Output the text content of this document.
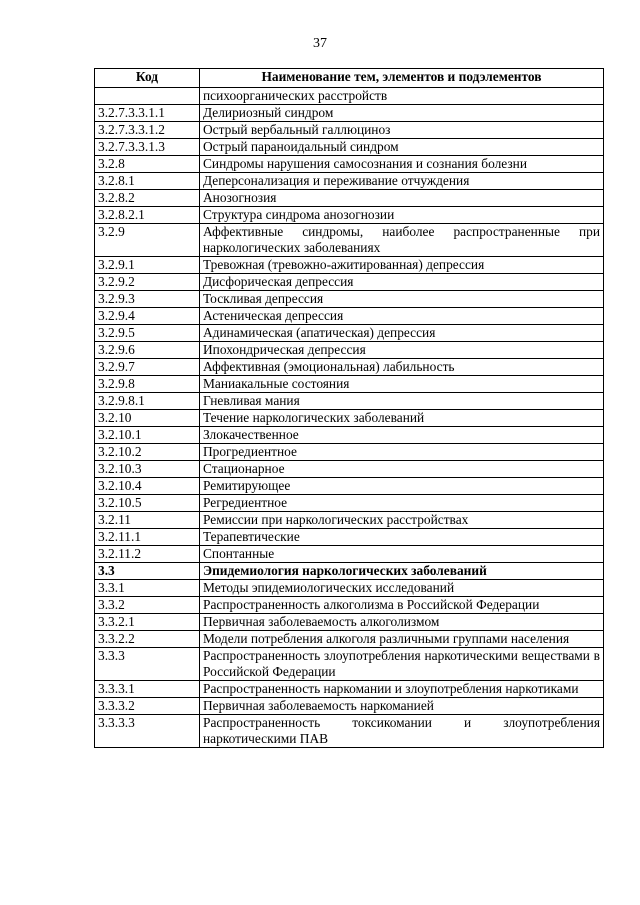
37
Код	Наименование тем, элементов и подэлементов
	психоорганических расстройств
3.2.7.3.3.1.1	Делириозный синдром
3.2.7.3.3.1.2	Острый вербальный галлюциноз
3.2.7.3.3.1.3	Острый параноидальный синдром
3.2.8	Синдромы нарушения самосознания и сознания болезни
3.2.8.1	Деперсонализация и переживание отчуждения
3.2.8.2	Анозогнозия
3.2.8.2.1	Структура синдрома анозогнозии
3.2.9	Аффективные синдромы, наиболее распространенные при наркологических заболеваниях
3.2.9.1	Тревожная (тревожно-ажитированная) депрессия
3.2.9.2	Дисфорическая депрессия
3.2.9.3	Тоскливая депрессия
3.2.9.4	Астеническая депрессия
3.2.9.5	Адинамическая (апатическая) депрессия
3.2.9.6	Ипохондрическая депрессия
3.2.9.7	Аффективная (эмоциональная) лабильность
3.2.9.8	Маниакальные состояния
3.2.9.8.1	Гневливая мания
3.2.10	Течение наркологических заболеваний
3.2.10.1	Злокачественное
3.2.10.2	Прогредиентное
3.2.10.3	Стационарное
3.2.10.4	Ремитирующее
3.2.10.5	Регредиентное
3.2.11	Ремиссии при наркологических расстройствах
3.2.11.1	Терапевтические
3.2.11.2	Спонтанные
3.3	Эпидемиология наркологических заболеваний
3.3.1	Методы эпидемиологических исследований
3.3.2	Распространенность алкоголизма в Российской Федерации
3.3.2.1	Первичная заболеваемость алкоголизмом
3.3.2.2	Модели потребления алкоголя различными группами населения
3.3.3	Распространенность злоупотребления наркотическими веществами в Российской Федерации
3.3.3.1	Распространенность наркомании и злоупотребления наркотиками
3.3.3.2	Первичная заболеваемость наркоманией
3.3.3.3	Распространенность токсикомании и злоупотребления наркотическими ПАВ
